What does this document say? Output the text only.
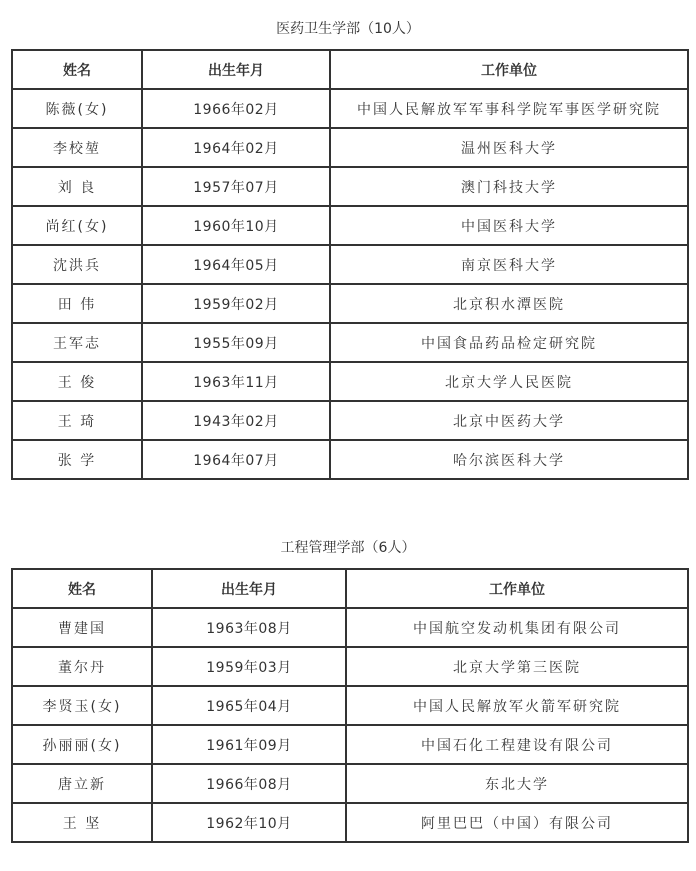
医药卫生学部（10人）
姓名	出生年月	工作单位
陈薇(女)	1966年02月	中国人民解放军军事科学院军事医学研究院
李校堃	1964年02月	温州医科大学
刘 良	1957年07月	澳门科技大学
尚红(女)	1960年10月	中国医科大学
沈洪兵	1964年05月	南京医科大学
田 伟	1959年02月	北京积水潭医院
王军志	1955年09月	中国食品药品检定研究院
王 俊	1963年11月	北京大学人民医院
王 琦	1943年02月	北京中医药大学
张 学	1964年07月	哈尔滨医科大学
工程管理学部（6人）
姓名	出生年月	工作单位
曹建国	1963年08月	中国航空发动机集团有限公司
董尔丹	1959年03月	北京大学第三医院
李贤玉(女)	1965年04月	中国人民解放军火箭军研究院
孙丽丽(女)	1961年09月	中国石化工程建设有限公司
唐立新	1966年08月	东北大学
王 坚	1962年10月	阿里巴巴（中国）有限公司
